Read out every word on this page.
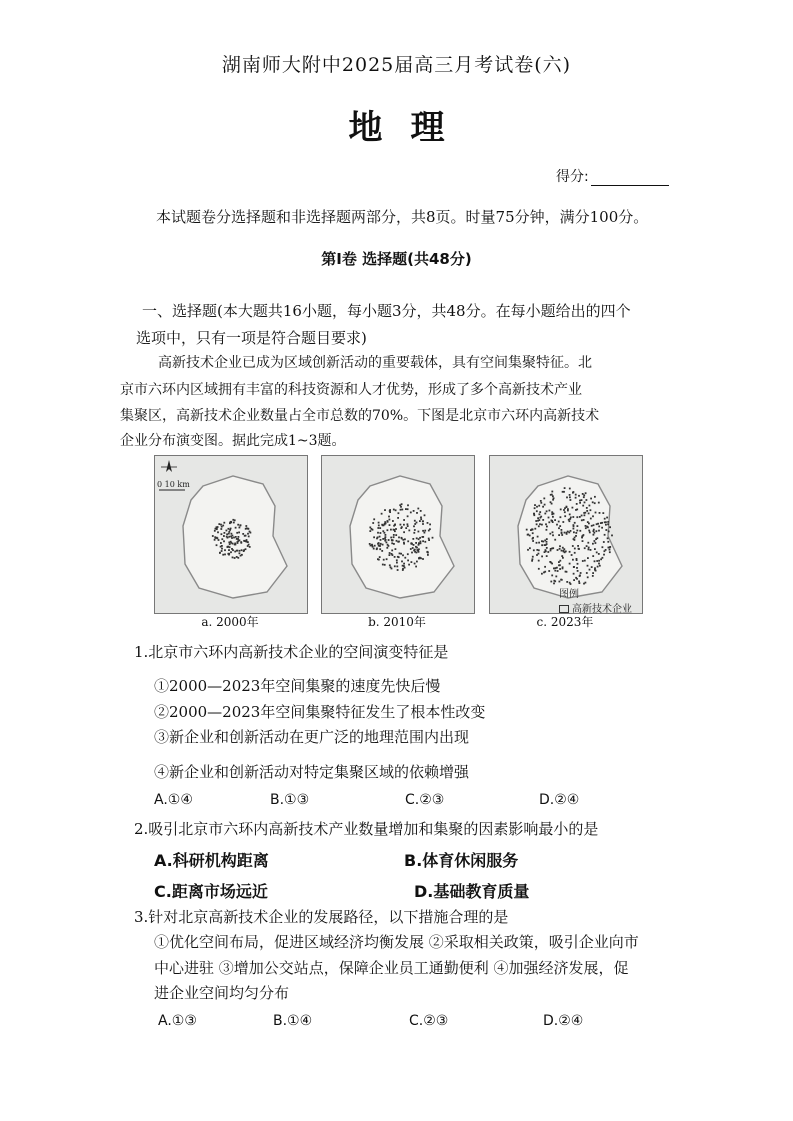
湖南师大附中2025届高三月考试卷(六)
地理
得分:
本试题卷分选择题和非选择题两部分，共8页。时量75分钟，满分100分。
第Ⅰ卷 选择题(共48分)
一、选择题(本大题共16小题，每小题3分，共48分。在每小题给出的四个
选项中，只有一项是符合题目要求)
高新技术企业已成为区域创新活动的重要载体，具有空间集聚特征。北
京市六环内区域拥有丰富的科技资源和人才优势，形成了多个高新技术产业
集聚区，高新技术企业数量占全市总数的70%。下图是北京市六环内高新技术
企业分布演变图。据此完成1~3题。
0 10 km
a. 2000年	b. 2010年	c. 2023年
图例
高新技术企业
1.北京市六环内高新技术企业的空间演变特征是
①2000—2023年空间集聚的速度先快后慢
②2000—2023年空间集聚特征发生了根本性改变
③新企业和创新活动在更广泛的地理范围内出现
④新企业和创新活动对特定集聚区域的依赖增强
A.①④	B.①③	C.②③	D.②④
2.吸引北京市六环内高新技术产业数量增加和集聚的因素影响最小的是
A.科研机构距离	B.体育休闲服务
C.距离市场远近	D.基础教育质量
3.针对北京高新技术企业的发展路径，以下措施合理的是
①优化空间布局，促进区域经济均衡发展 ②采取相关政策，吸引企业向市
中心进驻 ③增加公交站点，保障企业员工通勤便利 ④加强经济发展，促
进企业空间均匀分布
A.①③	B.①④	C.②③	D.②④
